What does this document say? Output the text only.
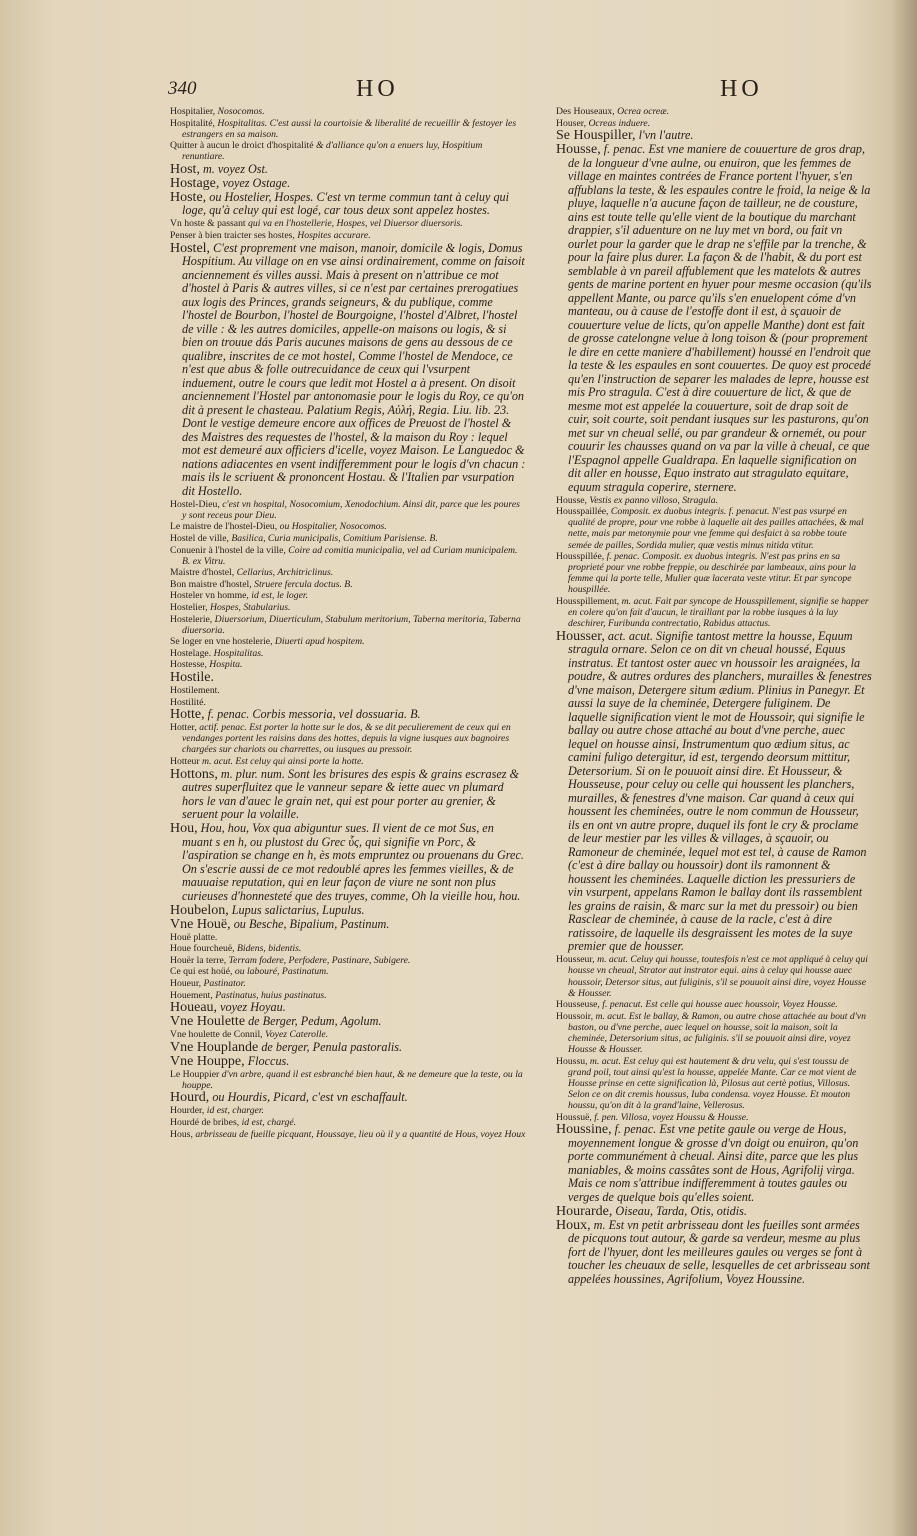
340	HO	HO
Hospitalier, Nosocomos.
Hospitalité, Hospitalitas. C'est aussi la courtoisie & liberalité de recueillir & festoyer les estrangers en sa maison.
Quitter à aucun le droict d'hospitalité & d'alliance qu'on a enuers luy, Hospitium renuntiare.
Host, m. voyez Ost.
Hostage, voyez Ostage.
Hoste, ou Hostelier, Hospes. C'est vn terme commun tant à celuy qui loge, qu'à celuy qui est logé, car tous deux sont appelez hostes.
Vn hoste & passant qui va en l'hostellerie, Hospes, vel Diuersor diuersoris.
Penser à bien traicter ses hostes, Hospites accurare.
Hostel, C'est proprement vne maison, manoir, domicile & logis, Domus Hospitium. Au village on en vse ainsi ordinairement, comme on faisoit anciennement és villes aussi. Mais à present on n'attribue ce mot d'hostel à Paris & autres villes, si ce n'est par certaines prerogatiues aux logis des Princes, grands seigneurs, & du publique, comme l'hostel de Bourbon, l'hostel de Bourgoigne, l'hostel d'Albret, l'hostel de ville : & les autres domiciles, appelle-on maisons ou logis, & si bien on trouue dás Paris aucunes maisons de gens au dessous de ce qualibre, inscrites de ce mot hostel, Comme l'hostel de Mendoce, ce n'est que abus & folle outrecuidance de ceux qui l'vsurpent induement, outre le cours que ledit mot Hostel a à present. On disoit anciennement l'Hostel par antonomasie pour le logis du Roy, ce qu'on dit à present le chasteau. Palatium Regis, Αὐλή, Regia. Liu. lib. 23. Dont le vestige demeure encore aux offices de Preuost de l'hostel & des Maistres des requestes de l'hostel, & la maison du Roy : lequel mot est demeuré aux officiers d'icelle, voyez Maison. Le Languedoc & nations adiacentes en vsent indifferemment pour le logis d'vn chacun : mais ils le scriuent & prononcent Hostau. & l'Italien par vsurpation dit Hostello.
Hostel-Dieu, c'est vn hospital, Nosocomium, Xenodochium. Ainsi dit, parce que les poures y sont receus pour Dieu.
Le maistre de l'hostel-Dieu, ou Hospitalier, Nosocomos.
Hostel de ville, Basilica, Curia municipalis, Comitium Parisiense. B.
Conuenir à l'hostel de la ville, Coire ad comitia municipalia, vel ad Curiam municipalem. B. ex Vitru.
Maistre d'hostel, Cellarius, Architriclinus.
Bon maistre d'hostel, Struere fercula doctus. B.
Hosteler vn homme, id est, le loger.
Hostelier, Hospes, Stabularius.
Hostelerie, Diuersorium, Diuerticulum, Stabulum meritorium, Taberna meritoria, Taberna diuersoria.
Se loger en vne hostelerie, Diuerti apud hospitem.
Hostelage. Hospitalitas.
Hostesse, Hospita.
Hostile.
Hostilement.
Hostilité.
Hotte, f. penac. Corbis messoria, vel dossuaria. B.
Hotter, actif. penac. Est porter la hotte sur le dos, & se dit peculierement de ceux qui en vendanges portent les raisins dans des hottes, depuis la vigne iusques aux bagnoires chargées sur chariots ou charrettes, ou iusques au pressoir.
Hotteur m. acut. Est celuy qui ainsi porte la hotte.
Hottons, m. plur. num. Sont les brisures des espis & grains escrasez & autres superfluitez que le vanneur separe & iette auec vn plumard hors le van d'auec le grain net, qui est pour porter au grenier, & seruent pour la volaille.
Hou, Hou, hou, Vox qua abiguntur sues. Il vient de ce mot Sus, en muant s en h, ou plustost du Grec ὗς, qui signifie vn Porc, & l'aspiration se change en h, ès mots empruntez ou prouenans du Grec. On s'escrie aussi de ce mot redoublé apres les femmes vieilles, & de mauuaise reputation, qui en leur façon de viure ne sont non plus curieuses d'honnesteté que des truyes, comme, Oh la vieille hou, hou.
Houbelon, Lupus salictarius, Lupulus.
Vne Houë, ou Besche, Bipalium, Pastinum.
Houë platte.
Houe fourcheuë, Bidens, bidentis.
Houër la terre, Terram fodere, Perfodere, Pastinare, Subigere.
Ce qui est hoüé, ou labouré, Pastinatum.
Houeur, Pastinator.
Houement, Pastinatus, huius pastinatus.
Houeau, voyez Hoyau.
Vne Houlette de Berger, Pedum, Agolum.
Vne houlette de Connil, Voyez Caterolle.
Vne Houplande de berger, Penula pastoralis.
Vne Houppe, Floccus.
Le Houppier d'vn arbre, quand il est esbranché bien haut, & ne demeure que la teste, ou la houppe.
Hourd, ou Hourdis, Picard, c'est vn eschaffault.
Hourder, id est, charger.
Hourdé de bribes, id est, chargé.
Hous, arbrisseau de fueille picquant, Houssaye, lieu où il y a quantité de Hous, voyez Houx
Des Houseaux, Ocrea ocreæ.
Houser, Ocreas induere.
Se Houspiller, l'vn l'autre.
Housse, f. penac. Est vne maniere de couuerture de gros drap, de la longueur d'vne aulne, ou enuiron, que les femmes de village en maintes contrées de France portent l'hyuer, s'en affublans la teste, & les espaules contre le froid, la neige & la pluye, laquelle n'a aucune façon de tailleur, ne de cousture, ains est toute telle qu'elle vient de la boutique du marchant drappier, s'il aduenture on ne luy met vn bord, ou fait vn ourlet pour la garder que le drap ne s'effile par la trenche, & pour la faire plus durer. La façon & de l'habit, & du port est semblable à vn pareil affublement que les matelots & autres gents de marine portent en hyuer pour mesme occasion (qu'ils appellent Mante, ou parce qu'ils s'en enuelopent cóme d'vn manteau, ou à cause de l'estoffe dont il est, à sçauoir de couuerture velue de licts, qu'on appelle Manthe) dont est fait de grosse catelongne velue à long toison & (pour proprement le dire en cette maniere d'habillement) houssé en l'endroit que la teste & les espaules en sont couuertes. De quoy est procedé qu'en l'instruction de separer les malades de lepre, housse est mis Pro stragula. C'est à dire couuerture de lict, & que de mesme mot est appelée la couuerture, soit de drap soit de cuir, soit courte, soit pendant iusques sur les pasturons, qu'on met sur vn cheual sellé, ou par grandeur & ornemét, ou pour couurir les chausses quand on va par la ville à cheual, ce que l'Espagnol appelle Gualdrapa. En laquelle signification on dit aller en housse, Equo instrato aut stragulato equitare, equum stragula coperire, sternere.
Housse, Vestis ex panno villoso, Stragula.
Housspaillée, Composit. ex duobus integris. f. penacut. N'est pas vsurpé en qualité de propre, pour vne robbe à laquelle ait des pailles attachées, & mal nette, mais par metonymie pour vne femme qui desfaict à sa robbe toute semée de pailles, Sordida mulier, quæ vestis minus nitida vtitur.
Housspillée, f. penac. Composit. ex duobus integris. N'est pas prins en sa proprieté pour vne robbe freppie, ou deschirée par lambeaux, ains pour la femme qui la porte telle, Mulier quæ lacerata veste vtitur. Et par syncope houspillée.
Housspillement, m. acut. Fait par syncope de Housspillement, signifie se happer en colere qu'on fait d'aucun, le tiraillant par la robbe iusques à la luy deschirer, Furibunda contrectatio, Rabidus attactus.
Housser, act. acut. Signifie tantost mettre la housse, Equum stragula ornare. Selon ce on dit vn cheual houssé, Equus instratus. Et tantost oster auec vn houssoir les araignées, la poudre, & autres ordures des planchers, murailles & fenestres d'vne maison, Detergere situm ædium. Plinius in Panegyr. Et aussi la suye de la cheminée, Detergere fuliginem. De laquelle signification vient le mot de Houssoir, qui signifie le ballay ou autre chose attaché au bout d'vne perche, auec lequel on housse ainsi, Instrumentum quo ædium situs, ac camini fuligo detergitur, id est, tergendo deorsum mittitur, Detersorium. Si on le pouuoit ainsi dire. Et Housseur, & Housseuse, pour celuy ou celle qui houssent les planchers, murailles, & fenestres d'vne maison. Car quand à ceux qui houssent les cheminées, outre le nom commun de Housseur, ils en ont vn autre propre, duquel ils font le cry & proclame de leur mestier par les villes & villages, à sçauoir, ou Ramoneur de cheminée, lequel mot est tel, à cause de Ramon (c'est à dire ballay ou houssoir) dont ils ramonnent & houssent les cheminées. Laquelle diction les pressuriers de vin vsurpent, appelans Ramon le ballay dont ils rassemblent les grains de raisin, & marc sur la met du pressoir) ou bien Rasclear de cheminée, à cause de la racle, c'est à dire ratissoire, de laquelle ils desgraissent les motes de la suye premier que de housser.
Housseur, m. acut. Celuy qui housse, toutesfois n'est ce mot appliqué à celuy qui housse vn cheual, Strator aut instrator equi. ains à celuy qui housse auec houssoir, Detersor situs, aut fuliginis, s'il se pouuoit ainsi dire, voyez Housse & Housser.
Housseuse, f. penacut. Est celle qui housse auec houssoir, Voyez Housse.
Houssoir, m. acut. Est le ballay, & Ramon, ou autre chose attachée au bout d'vn baston, ou d'vne perche, auec lequel on housse, soit la maison, soit la cheminée, Detersorium situs, ac fuliginis. s'il se pouuoit ainsi dire, voyez Housse & Housser.
Houssu, m. acut. Est celuy qui est hautement & dru velu, qui s'est toussu de grand poil, tout ainsi qu'est la housse, appelée Mante. Car ce mot vient de Housse prinse en cette signification là, Pilosus aut certè potius, Villosus. Selon ce on dit cremis houssus, Iuba condensa. voyez Housse. Et mouton houssu, qu'on dit à la grand'laine, Vellerosus.
Houssuë, f. pen. Villosa, voyez Houssu & Housse.
Houssine, f. penac. Est vne petite gaule ou verge de Hous, moyennement longue & grosse d'vn doigt ou enuiron, qu'on porte communément à cheual. Ainsi dite, parce que les plus maniables, & moins cassâtes sont de Hous, Agrifolij virga. Mais ce nom s'attribue indifferemment à toutes gaules ou verges de quelque bois qu'elles soient.
Hourarde, Oiseau, Tarda, Otis, otidis.
Houx, m. Est vn petit arbrisseau dont les fueilles sont armées de picquons tout autour, & garde sa verdeur, mesme au plus fort de l'hyuer, dont les meilleures gaules ou verges se font à toucher les cheuaux de selle, lesquelles de cet arbrisseau sont appelées houssines, Agrifolium, Voyez Houssine.
